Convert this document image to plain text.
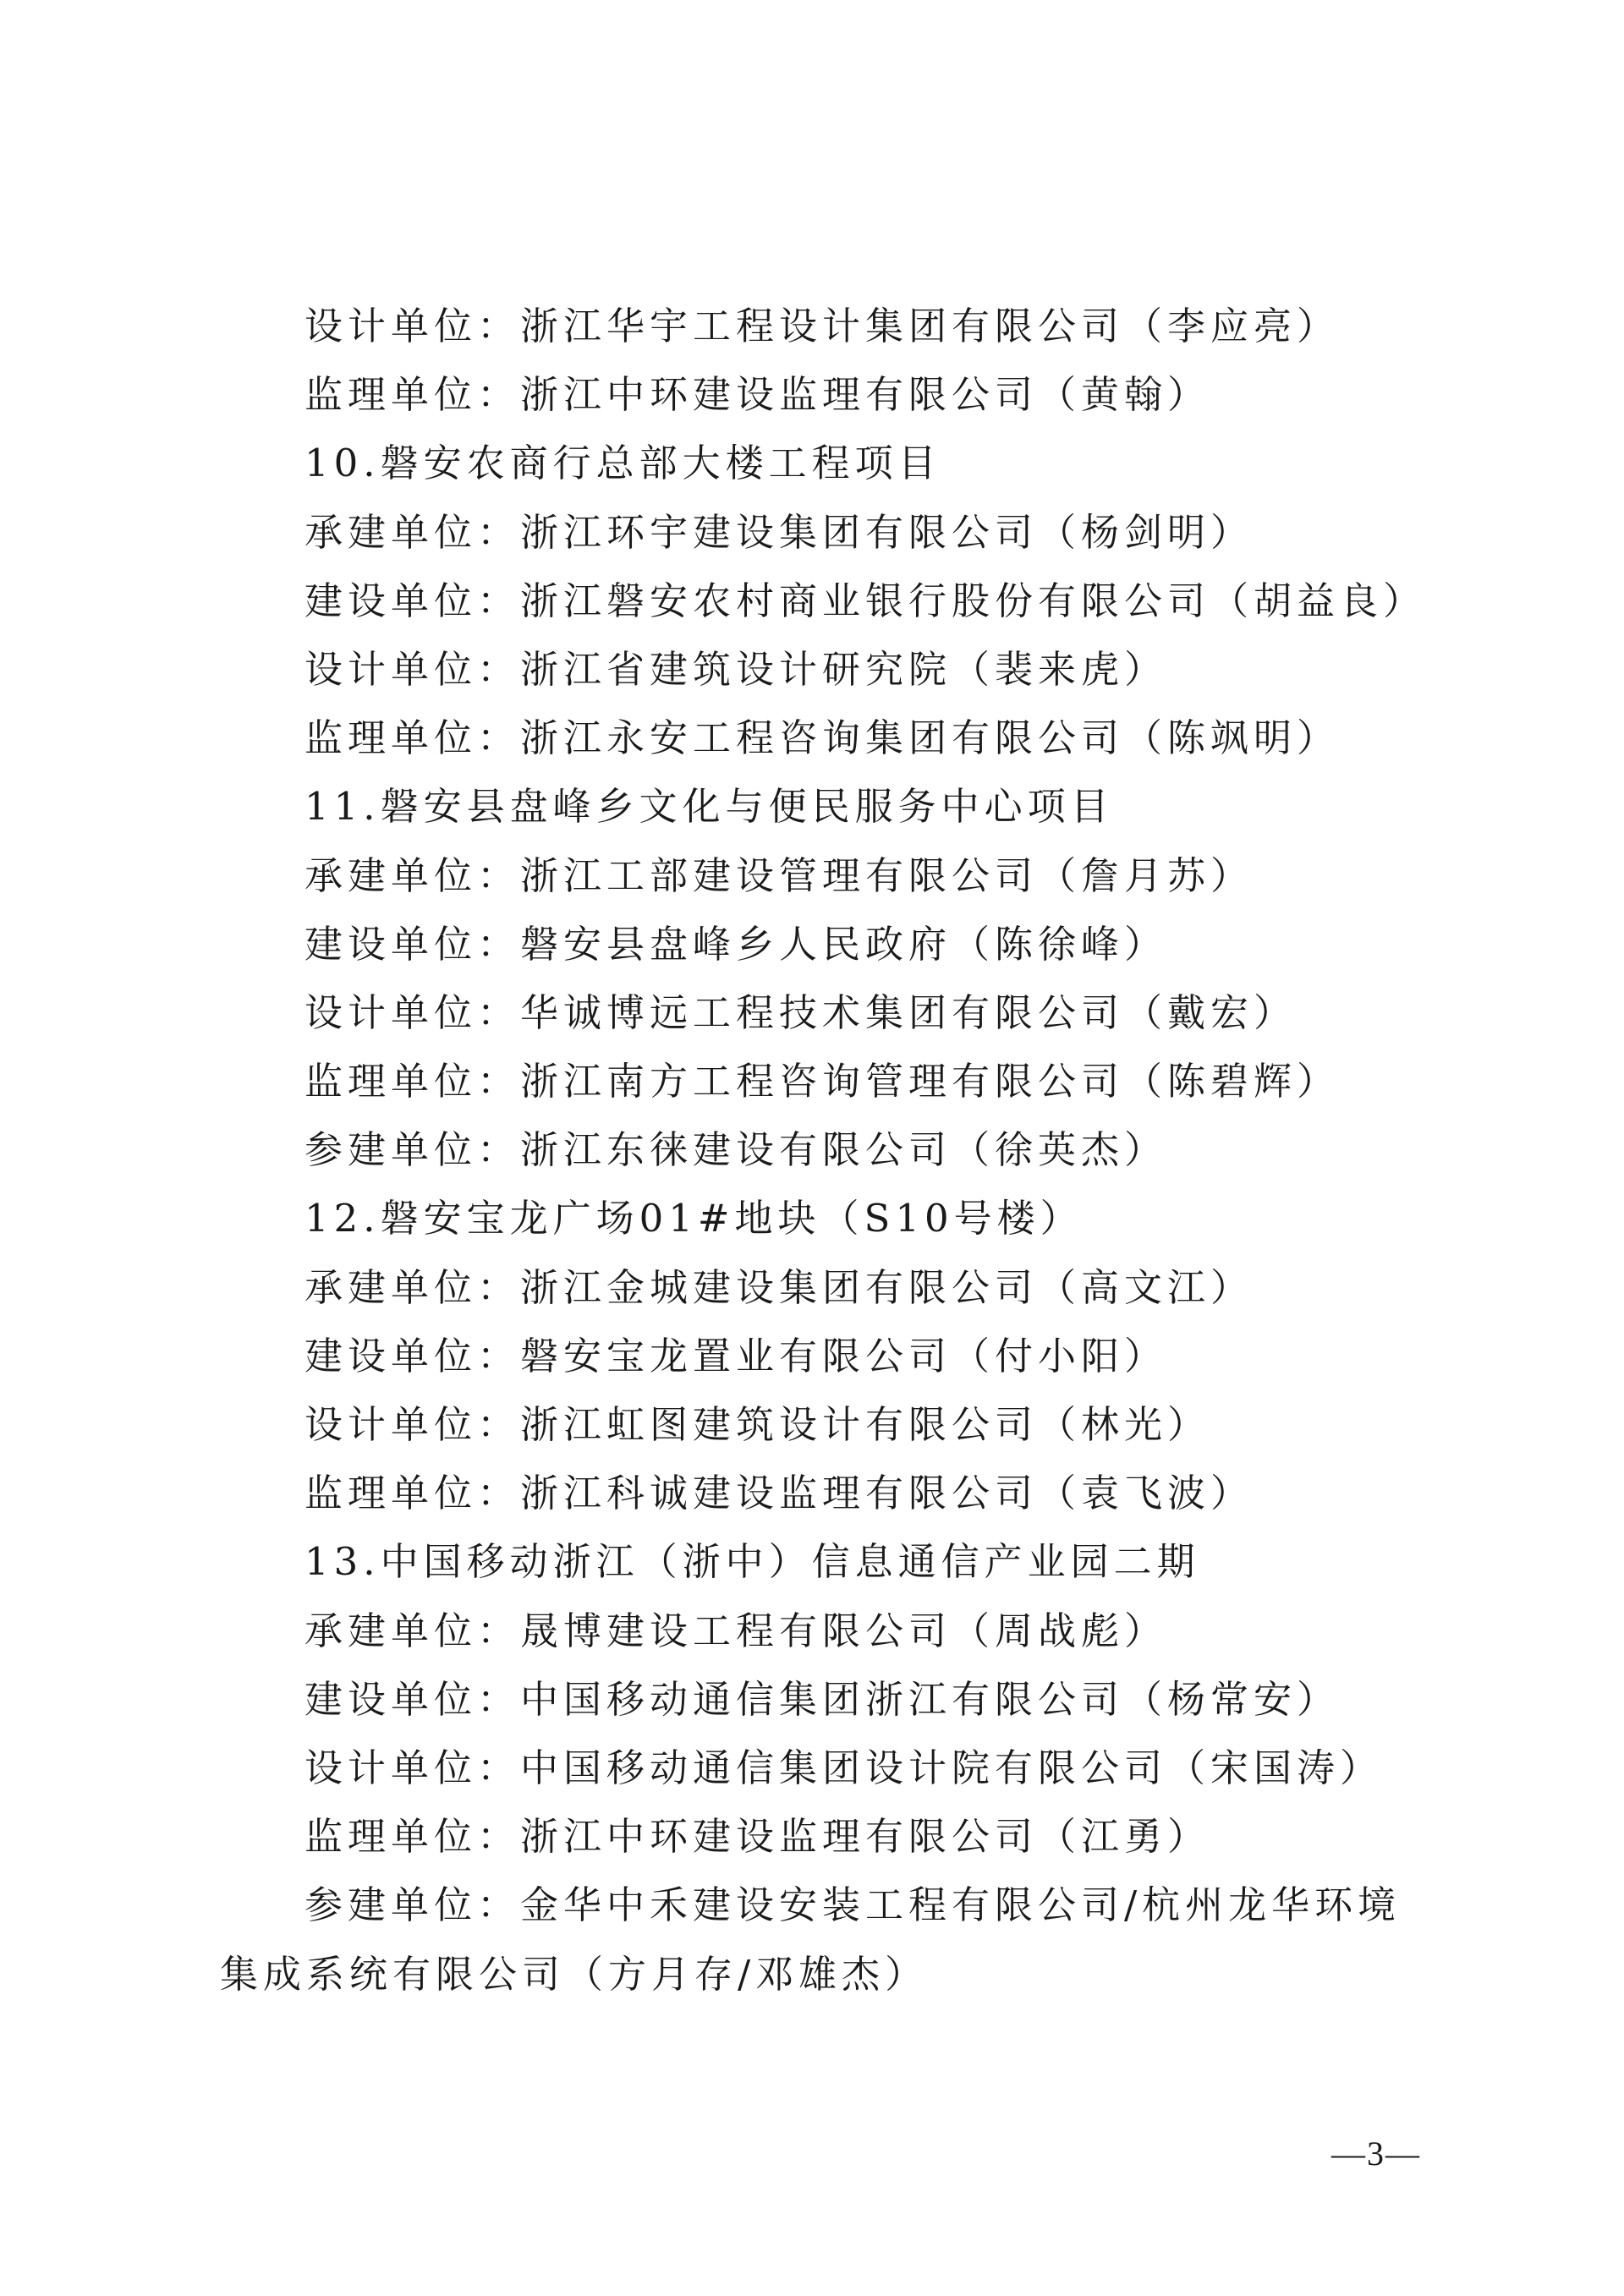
设计单位：浙江华宇工程设计集团有限公司（李应亮）
监理单位：浙江中环建设监理有限公司（黄翰）
10.磐安农商行总部大楼工程项目
承建单位：浙江环宇建设集团有限公司（杨剑明）
建设单位：浙江磐安农村商业银行股份有限公司（胡益良）
设计单位：浙江省建筑设计研究院（裴来虎）
监理单位：浙江永安工程咨询集团有限公司（陈飒明）
11.磐安县盘峰乡文化与便民服务中心项目
承建单位：浙江工部建设管理有限公司（詹月苏）
建设单位：磐安县盘峰乡人民政府（陈徐峰）
设计单位：华诚博远工程技术集团有限公司（戴宏）
监理单位：浙江南方工程咨询管理有限公司（陈碧辉）
参建单位：浙江东徕建设有限公司（徐英杰）
12.磐安宝龙广场01#地块（S10号楼）
承建单位：浙江金城建设集团有限公司（高文江）
建设单位：磐安宝龙置业有限公司（付小阳）
设计单位：浙江虹图建筑设计有限公司（林光）
监理单位：浙江科诚建设监理有限公司（袁飞波）
13.中国移动浙江（浙中）信息通信产业园二期
承建单位：晟博建设工程有限公司（周战彪）
建设单位：中国移动通信集团浙江有限公司（杨常安）
设计单位：中国移动通信集团设计院有限公司（宋国涛）
监理单位：浙江中环建设监理有限公司（江勇）
参建单位：金华中禾建设安装工程有限公司/杭州龙华环境
集成系统有限公司（方月存/邓雄杰）
—3—
